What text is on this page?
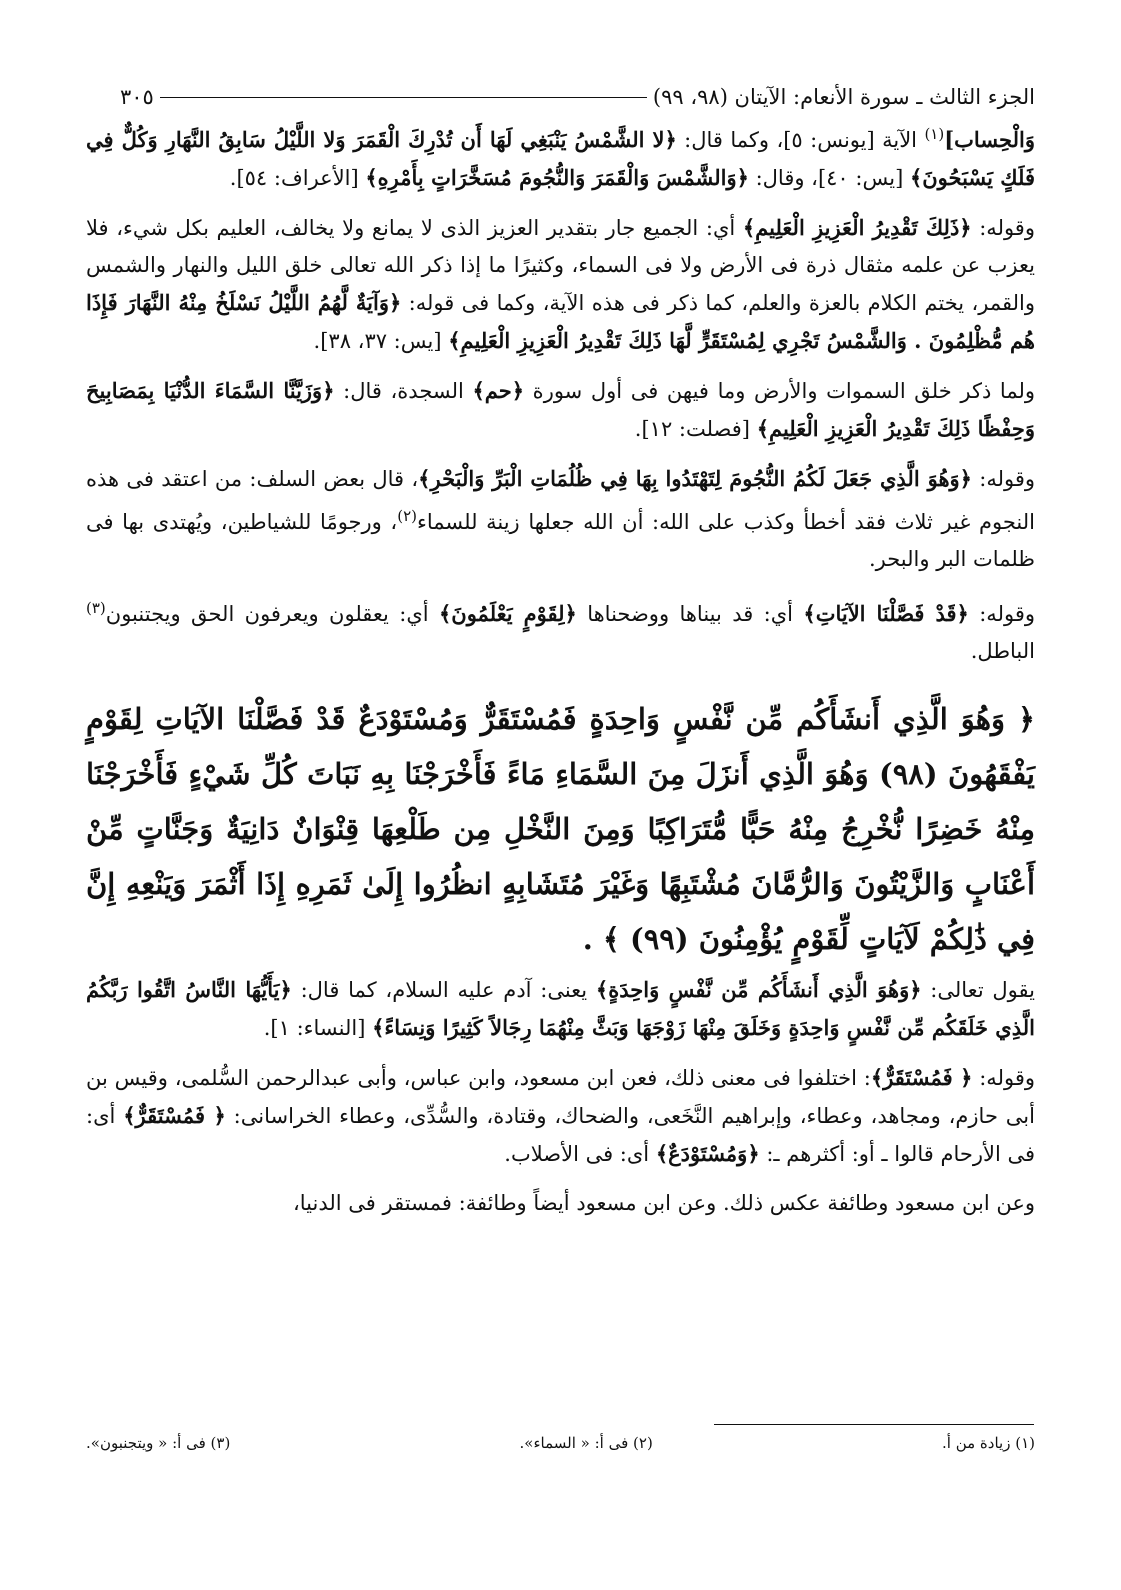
الجزء الثالث ـ سورة الأنعام: الآيتان (٩٨، ٩٩)
٣٠٥

وَالْحِساب]$^{(١)}$ الآية [يونس: ٥]، وكما قال: ﴿لا الشَّمْسُ يَنْبَغِي لَهَا أَن تُدْرِكَ الْقَمَرَ وَلا اللَّيْلُ سَابِقُ النَّهَارِ وَكُلٌّ فِي فَلَكٍ يَسْبَحُونَ﴾ [يس: ٤٠]، وقال: ﴿وَالشَّمْسَ وَالْقَمَرَ وَالنُّجُومَ مُسَخَّرَاتٍ بِأَمْرِهِ﴾ [الأعراف: ٥٤].

وقوله: ﴿ذَلِكَ تَقْدِيرُ الْعَزِيزِ الْعَلِيمِ﴾ أي: الجميع جار بتقدير العزيز الذى لا يمانع ولا يخالف، العليم بكل شيء، فلا يعزب عن علمه مثقال ذرة فى الأرض ولا فى السماء، وكثيرًا ما إذا ذكر الله تعالى خلق الليل والنهار والشمس والقمر، يختم الكلام بالعزة والعلم، كما ذكر فى هذه الآية، وكما فى قوله: ﴿وَآيَةٌ لَّهُمُ اللَّيْلُ نَسْلَخُ مِنْهُ النَّهَارَ فَإِذَا هُم مُّظْلِمُونَ . وَالشَّمْسُ تَجْرِي لِمُسْتَقَرٍّ لَّهَا ذَلِكَ تَقْدِيرُ الْعَزِيزِ الْعَلِيمِ﴾ [يس: ٣٧، ٣٨].

ولما ذكر خلق السموات والأرض وما فيهن فى أول سورة ﴿حم﴾ السجدة، قال: ﴿وَزَيَّنَّا السَّمَاءَ الدُّنْيَا بِمَصَابِيحَ وَحِفْظًا ذَلِكَ تَقْدِيرُ الْعَزِيزِ الْعَلِيمِ﴾ [فصلت: ١٢].

وقوله: ﴿وَهُوَ الَّذِي جَعَلَ لَكُمُ النُّجُومَ لِتَهْتَدُوا بِهَا فِي ظُلُمَاتِ الْبَرِّ وَالْبَحْرِ﴾، قال بعض السلف: من اعتقد فى هذه النجوم غير ثلاث فقد أخطأ وكذب على الله: أن الله جعلها زينة للسماء$^{(٢)}$، ورجومًا للشياطين، ويُهتدى بها فى ظلمات البر والبحر.

وقوله: ﴿قَدْ فَصَّلْنَا الآيَاتِ﴾ أي: قد بيناها ووضحناها ﴿لِقَوْمٍ يَعْلَمُونَ﴾ أي: يعقلون ويعرفون الحق ويجتنبون$^{(٣)}$ الباطل.

﴿ وَهُوَ الَّذِي أَنشَأَكُم مِّن نَّفْسٍ وَاحِدَةٍ فَمُسْتَقَرٌّ وَمُسْتَوْدَعٌ قَدْ فَصَّلْنَا الآيَاتِ لِقَوْمٍ يَفْقَهُونَ (٩٨) وَهُوَ الَّذِي أَنزَلَ مِنَ السَّمَاءِ مَاءً فَأَخْرَجْنَا بِهِ نَبَاتَ كُلِّ شَيْءٍ فَأَخْرَجْنَا مِنْهُ خَضِرًا نُّخْرِجُ مِنْهُ حَبًّا مُّتَرَاكِبًا وَمِنَ النَّخْلِ مِن طَلْعِهَا قِنْوَانٌ دَانِيَةٌ وَجَنَّاتٍ مِّنْ أَعْنَابٍ وَالزَّيْتُونَ وَالرُّمَّانَ مُشْتَبِهًا وَغَيْرَ مُتَشَابِهٍ انظُرُوا إِلَىٰ ثَمَرِهِ إِذَا أَثْمَرَ وَيَنْعِهِ إِنَّ فِي ذَٰلِكُمْ لَآيَاتٍ لِّقَوْمٍ يُؤْمِنُونَ (٩٩) ﴾ .

يقول تعالى: ﴿وَهُوَ الَّذِي أَنشَأَكُم مِّن نَّفْسٍ وَاحِدَةٍ﴾ يعنى: آدم عليه السلام، كما قال: ﴿يَأَيُّهَا النَّاسُ اتَّقُوا رَبَّكُمُ الَّذِي خَلَقَكُم مِّن نَّفْسٍ وَاحِدَةٍ وَخَلَقَ مِنْهَا زَوْجَهَا وَبَثَّ مِنْهُمَا رِجَالاً كَثِيرًا وَنِسَاءً﴾ [النساء: ١].

وقوله: ﴿ فَمُسْتَقَرٌّ﴾: اختلفوا فى معنى ذلك، فعن ابن مسعود، وابن عباس، وأبى عبدالرحمن السُّلمى، وقيس بن أبى حازم، ومجاهد، وعطاء، وإبراهيم النَّخَعى، والضحاك، وقتادة، والسُّدِّى، وعطاء الخراسانى: ﴿ فَمُسْتَقَرٌّ﴾ أى: فى الأرحام قالوا ـ أو: أكثرهم ـ: ﴿وَمُسْتَوْدَعٌ﴾ أى: فى الأصلاب.

وعن ابن مسعود وطائفة عكس ذلك. وعن ابن مسعود أيضاً وطائفة: فمستقر فى الدنيا،

(١) زيادة من أ.
(٢) فى أ: « السماء».
(٣) فى أ: « ويتجنبون».
